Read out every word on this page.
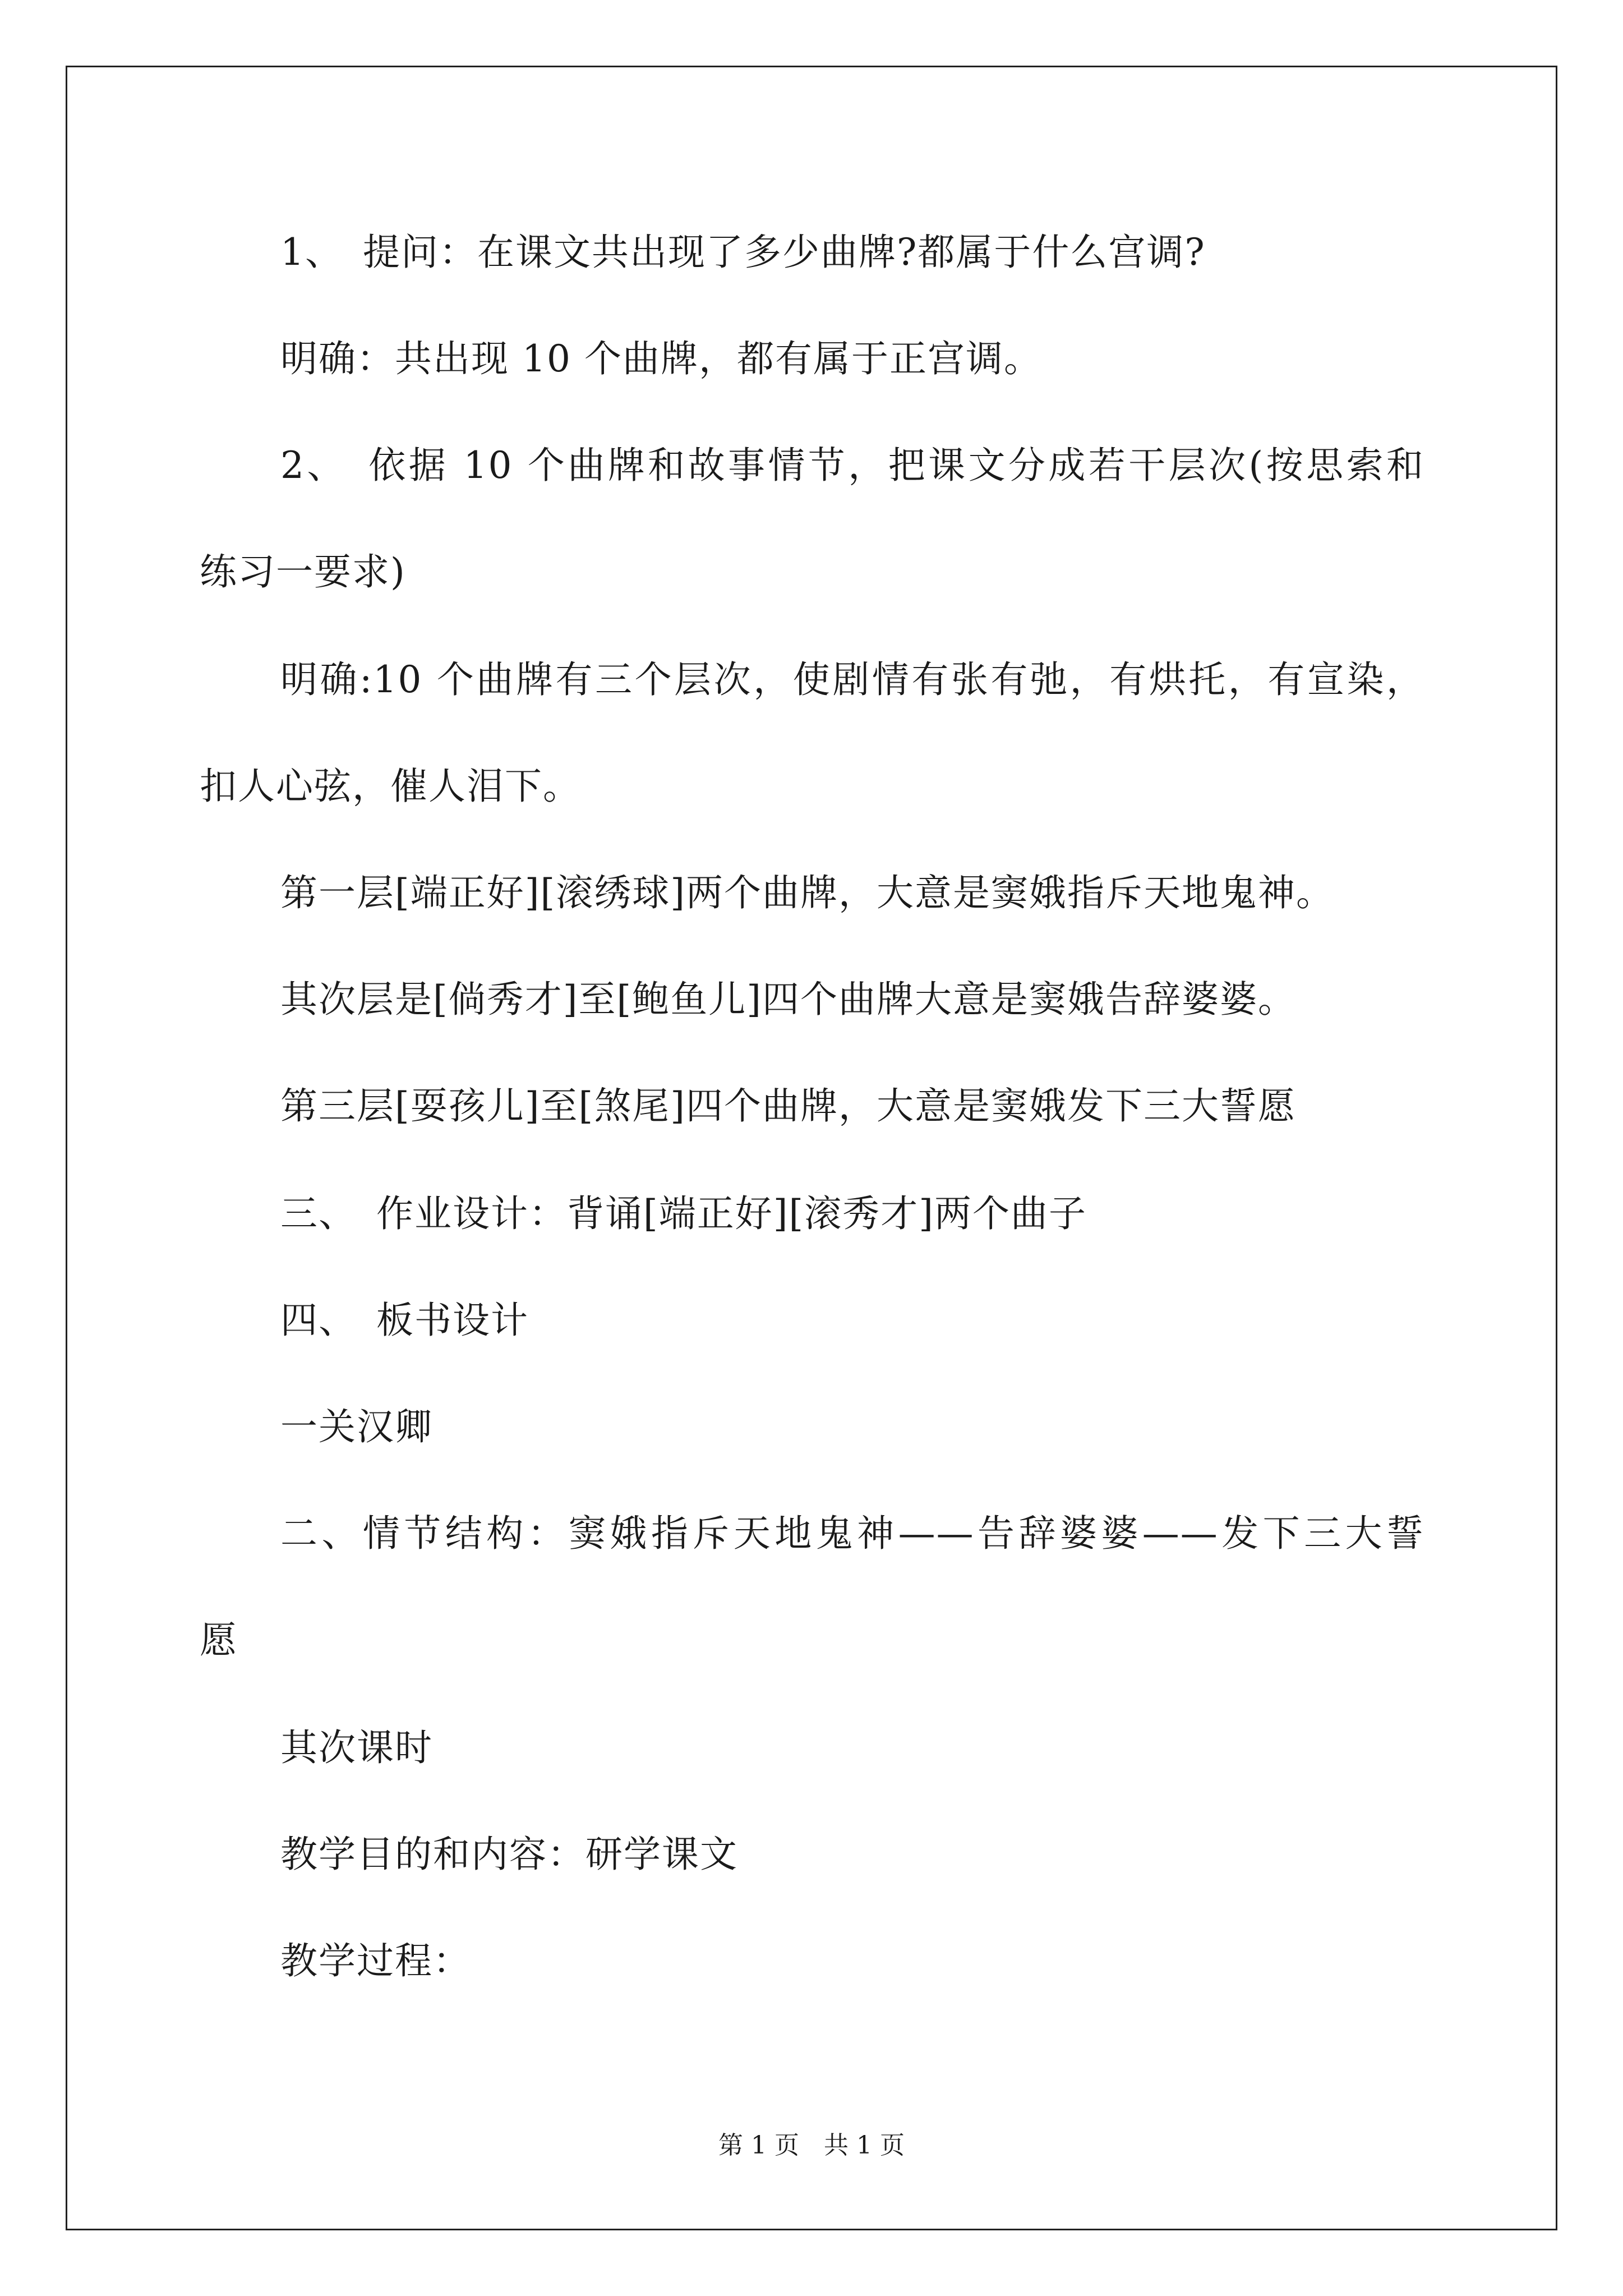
1、　提问：在课文共出现了多少曲牌?都属于什么宫调?
明确：共出现 10 个曲牌，都有属于正宫调。
2、　依据 10 个曲牌和故事情节，把课文分成若干层次(按思索和
练习一要求)
明确:10 个曲牌有三个层次，使剧情有张有弛，有烘托，有宣染，
扣人心弦，催人泪下。
第一层[端正好][滚绣球]两个曲牌，大意是窦娥指斥天地鬼神。
其次层是[倘秀才]至[鲍鱼儿]四个曲牌大意是窦娥告辞婆婆。
第三层[耍孩儿]至[煞尾]四个曲牌，大意是窦娥发下三大誓愿
三、　作业设计：背诵[端正好][滚秀才]两个曲子
四、　板书设计
一关汉卿
二、情节结构：窦娥指斥天地鬼神——告辞婆婆——发下三大誓
愿
其次课时
教学目的和内容：研学课文
教学过程：
第 1 页　共 1 页
